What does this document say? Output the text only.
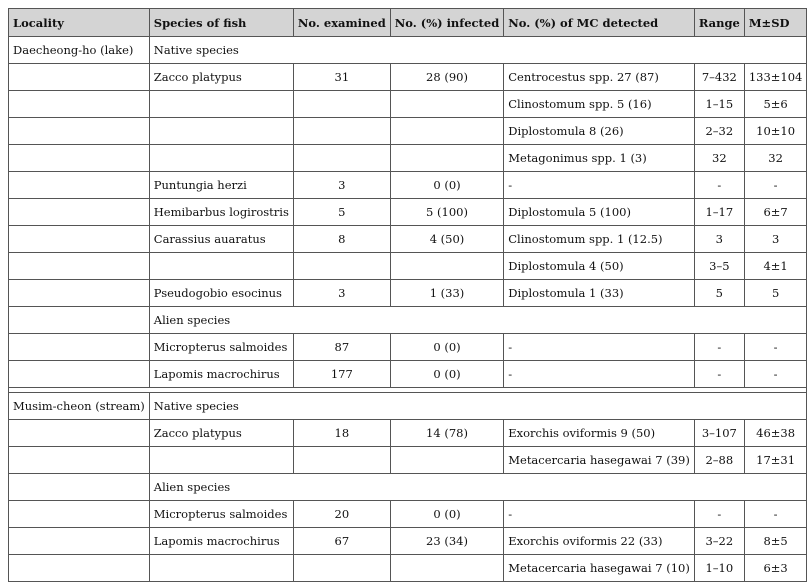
Locality	Species of fish	No. examined	No. (%) infected	No. (%) of MC detected	Range	M±SD
Daecheong-ho (lake)	Native species					
	Zacco platypus	31	28 (90)	Centrocestus spp. 27 (87)	7–432	133±104
				Clinostomum spp. 5 (16)	1–15	5±6
				Diplostomula 8 (26)	2–32	10±10
				Metagonimus spp. 1 (3)	32	32
	Puntungia herzi	3	0 (0)	-	-	-
	Hemibarbus logirostris	5	5 (100)	Diplostomula 5 (100)	1–17	6±7
	Carassius auaratus	8	4 (50)	Clinostomum spp. 1 (12.5)	3	3
				Diplostomula 4 (50)	3–5	4±1
	Pseudogobio esocinus	3	1 (33)	Diplostomula 1 (33)	5	5
	Alien species					
	Micropterus salmoides	87	0 (0)	-	-	-
	Lapomis macrochirus	177	0 (0)	-	-	-

Musim-cheon (stream)	Native species					
	Zacco platypus	18	14 (78)	Exorchis oviformis 9 (50)	3–107	46±38
				Metacercaria hasegawai 7 (39)	2–88	17±31
	Alien species					
	Micropterus salmoides	20	0 (0)	-	-	-
	Lapomis macrochirus	67	23 (34)	Exorchis oviformis 22 (33)	3–22	8±5
				Metacercaria hasegawai 7 (10)	1–10	6±3
